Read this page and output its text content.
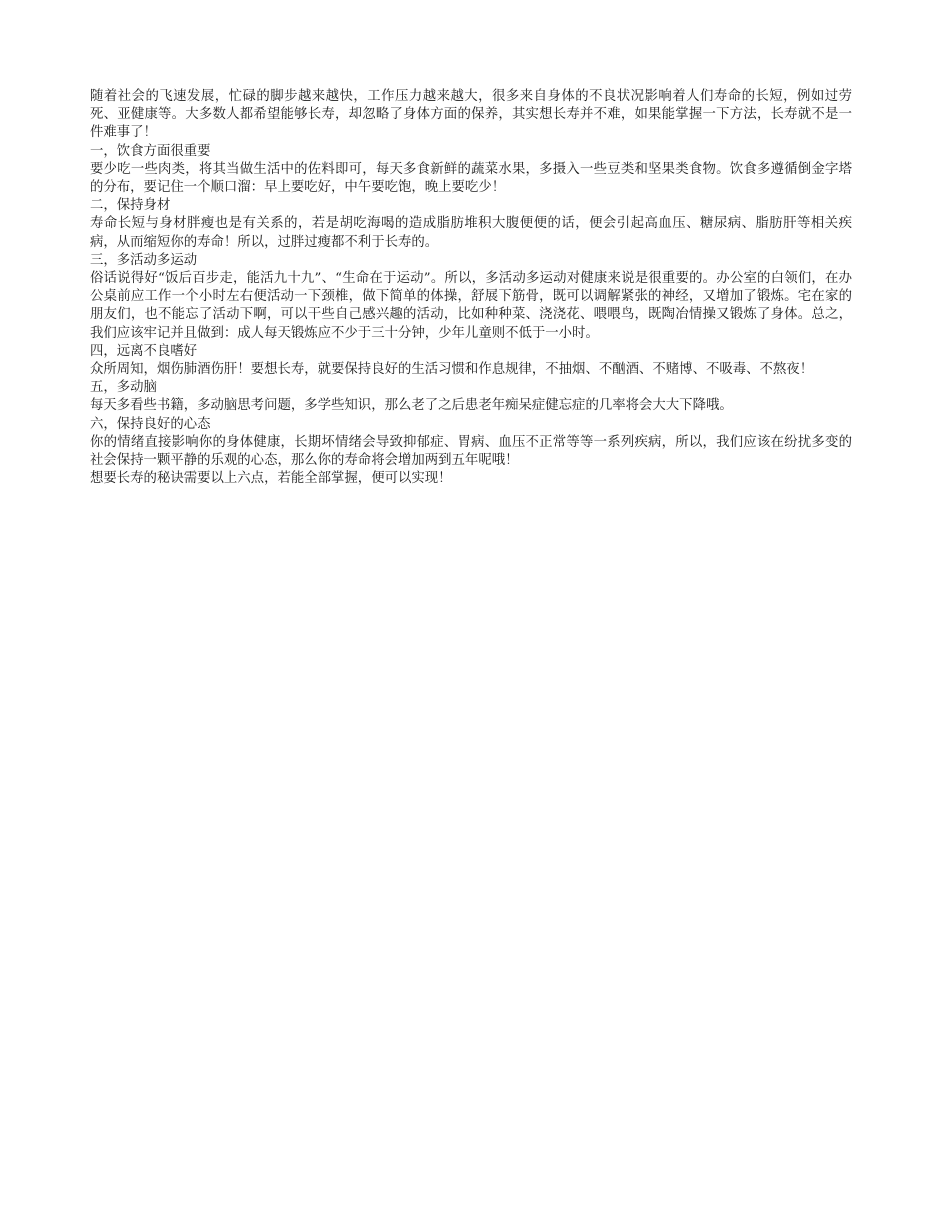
随着社会的飞速发展，忙碌的脚步越来越快，工作压力越来越大，很多来自身体的不良状况影响着人们寿命的长短，例如过劳死、亚健康等。大多数人都希望能够长寿，却忽略了身体方面的保养，其实想长寿并不难，如果能掌握一下方法，长寿就不是一件难事了！

一，饮食方面很重要

要少吃一些肉类，将其当做生活中的佐料即可，每天多食新鲜的蔬菜水果，多摄入一些豆类和坚果类食物。饮食多遵循倒金字塔的分布，要记住一个顺口溜：早上要吃好，中午要吃饱，晚上要吃少！

二，保持身材

寿命长短与身材胖瘦也是有关系的，若是胡吃海喝的造成脂肪堆积大腹便便的话，便会引起高血压、糖尿病、脂肪肝等相关疾病，从而缩短你的寿命！所以，过胖过瘦都不利于长寿的。

三，多活动多运动

俗话说得好“饭后百步走，能活九十九”、“生命在于运动”。所以，多活动多运动对健康来说是很重要的。办公室的白领们，在办公桌前应工作一个小时左右便活动一下颈椎，做下简单的体操，舒展下筋骨，既可以调解紧张的神经，又增加了锻炼。宅在家的朋友们，也不能忘了活动下啊，可以干些自己感兴趣的活动，比如种种菜、浇浇花、喂喂鸟，既陶冶情操又锻炼了身体。总之，我们应该牢记并且做到：成人每天锻炼应不少于三十分钟，少年儿童则不低于一小时。

四，远离不良嗜好

众所周知，烟伤肺酒伤肝！要想长寿，就要保持良好的生活习惯和作息规律，不抽烟、不酗酒、不赌博、不吸毒、不熬夜！

五，多动脑

每天多看些书籍，多动脑思考问题，多学些知识，那么老了之后患老年痴呆症健忘症的几率将会大大下降哦。

六，保持良好的心态

你的情绪直接影响你的身体健康，长期坏情绪会导致抑郁症、胃病、血压不正常等等一系列疾病，所以，我们应该在纷扰多变的社会保持一颗平静的乐观的心态，那么你的寿命将会增加两到五年呢哦！

想要长寿的秘诀需要以上六点，若能全部掌握，便可以实现！
